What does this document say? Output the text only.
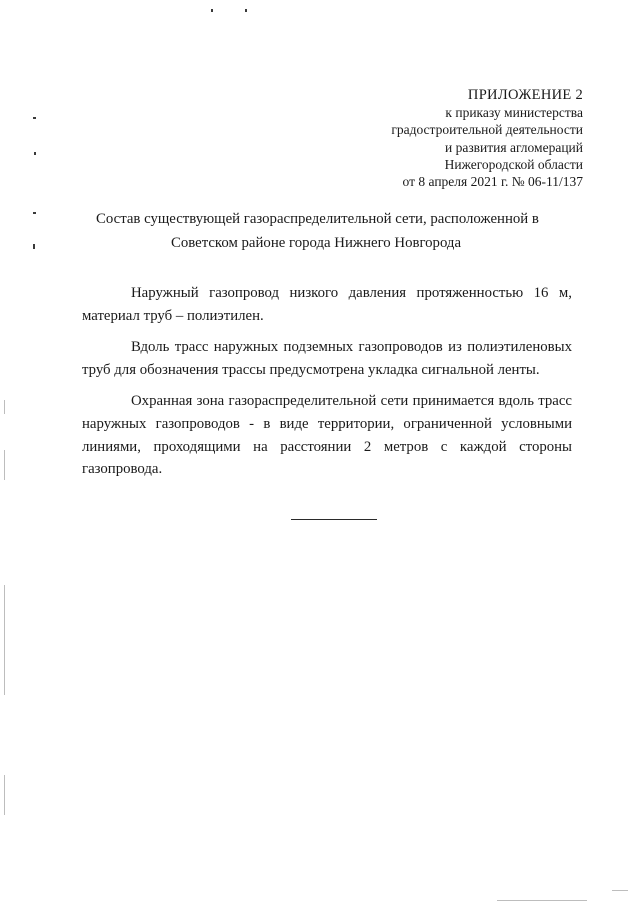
ПРИЛОЖЕНИЕ 2
к приказу министерства
градостроительной деятельности
и развития агломераций
Нижегородской области
от 8 апреля 2021 г. № 06-11/137
Состав существующей газораспределительной сети, расположенной в
Советском районе города Нижнего Новгорода

Наружный газопровод низкого давления протяженностью 16 м,
материал труб – полиэтилен.

Вдоль трасс наружных подземных газопроводов из полиэтиленовых
труб для обозначения трассы предусмотрена укладка сигнальной ленты.

Охранная зона газораспределительной сети принимается вдоль трасс
наружных газопроводов - в виде территории, ограниченной условными
линиями, проходящими на расстоянии 2 метров с каждой стороны
газопровода.
